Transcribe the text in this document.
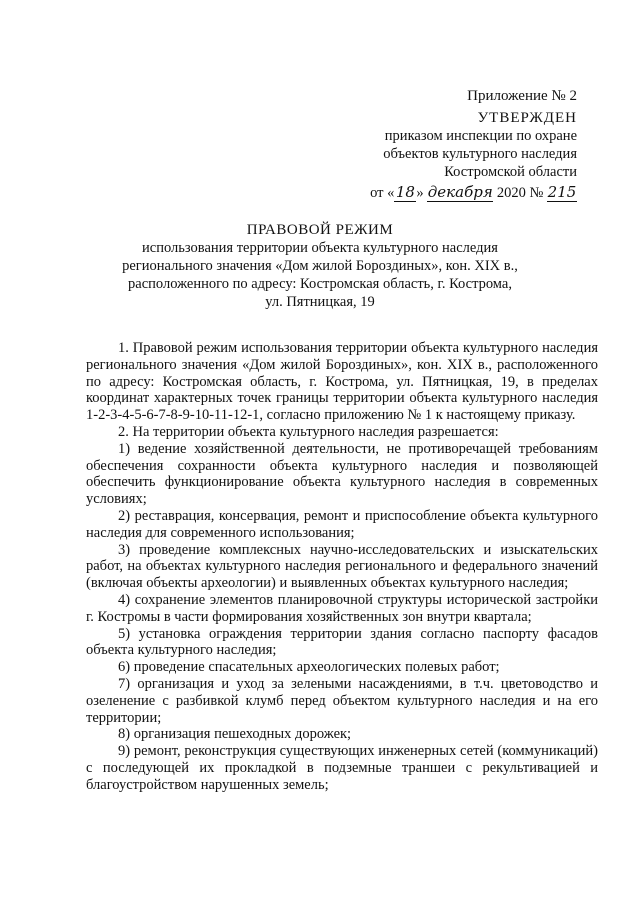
Приложение № 2
УТВЕРЖДЕН
приказом инспекции по охране
объектов культурного наследия
Костромской области
от «18» декабря 2020 № 215
ПРАВОВОЙ РЕЖИМ
использования территории объекта культурного наследия
регионального значения «Дом жилой Бороздиных», кон. XIX в.,
расположенного по адресу: Костромская область, г. Кострома,
ул. Пятницкая, 19

1. Правовой режим использования территории объекта культурного наследия регионального значения «Дом жилой Бороздиных», кон. XIX в., расположенного по адресу: Костромская область, г. Кострома, ул. Пятницкая, 19, в пределах координат характерных точек границы территории объекта культурного наследия 1-2-3-4-5-6-7-8-9-10-11-12-1, согласно приложению № 1 к настоящему приказу.

2. На территории объекта культурного наследия разрешается:

1) ведение хозяйственной деятельности, не противоречащей требованиям обеспечения сохранности объекта культурного наследия и позволяющей обеспечить функционирование объекта культурного наследия в современных условиях;

2) реставрация, консервация, ремонт и приспособление объекта культурного наследия для современного использования;

3) проведение комплексных научно-исследовательских и изыскательских работ, на объектах культурного наследия регионального и федерального значений (включая объекты археологии) и выявленных объектах культурного наследия;

4) сохранение элементов планировочной структуры исторической застройки г. Костромы в части формирования хозяйственных зон внутри квартала;

5) установка ограждения территории здания согласно паспорту фасадов объекта культурного наследия;

6) проведение спасательных археологических полевых работ;

7) организация и уход за зелеными насаждениями, в т.ч. цветоводство и озеленение с разбивкой клумб перед объектом культурного наследия и на его территории;

8) организация пешеходных дорожек;

9) ремонт, реконструкция существующих инженерных сетей (коммуникаций) с последующей их прокладкой в подземные траншеи с рекультивацией и благоустройством нарушенных земель;
